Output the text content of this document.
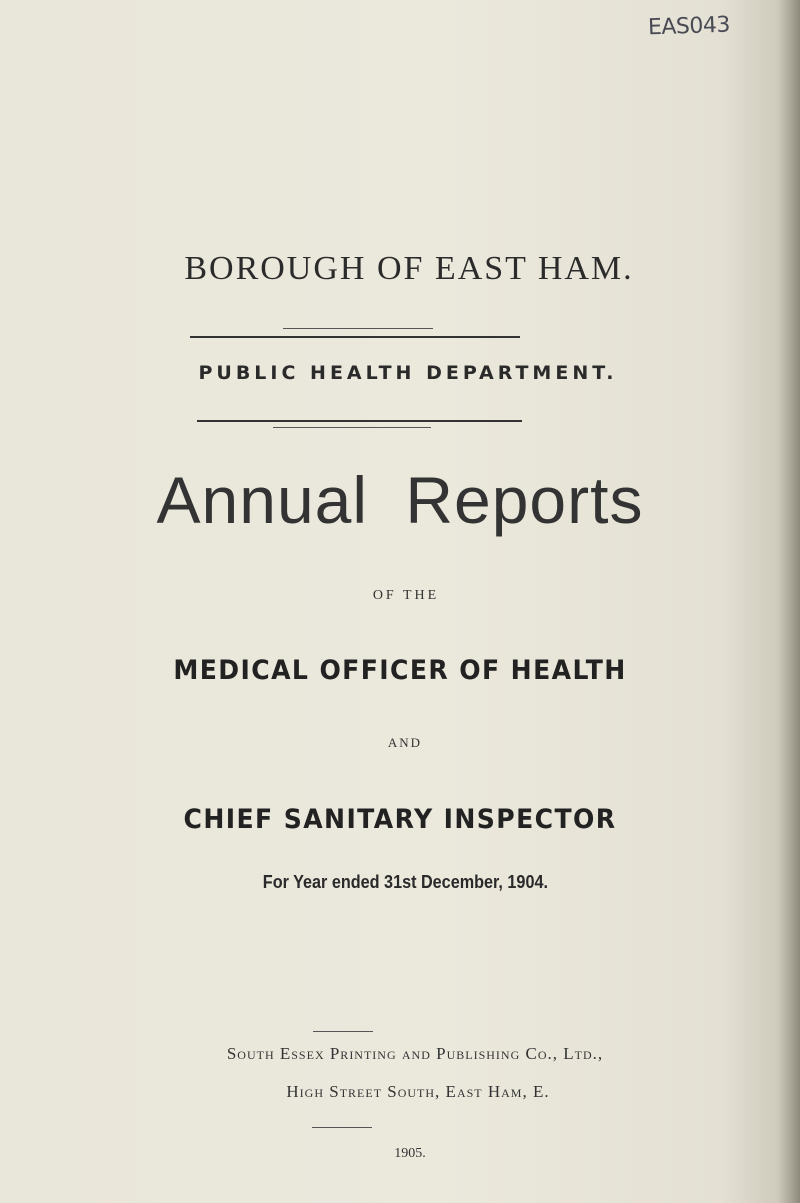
EAS043
BOROUGH OF EAST HAM.
PUBLIC HEALTH DEPARTMENT.
Annual Reports
OF THE
MEDICAL OFFICER OF HEALTH
AND
CHIEF SANITARY INSPECTOR
For Year ended 31st December, 1904.
South Essex Printing and Publishing Co., Ltd.,
High Street South, East Ham, E.
1905.
